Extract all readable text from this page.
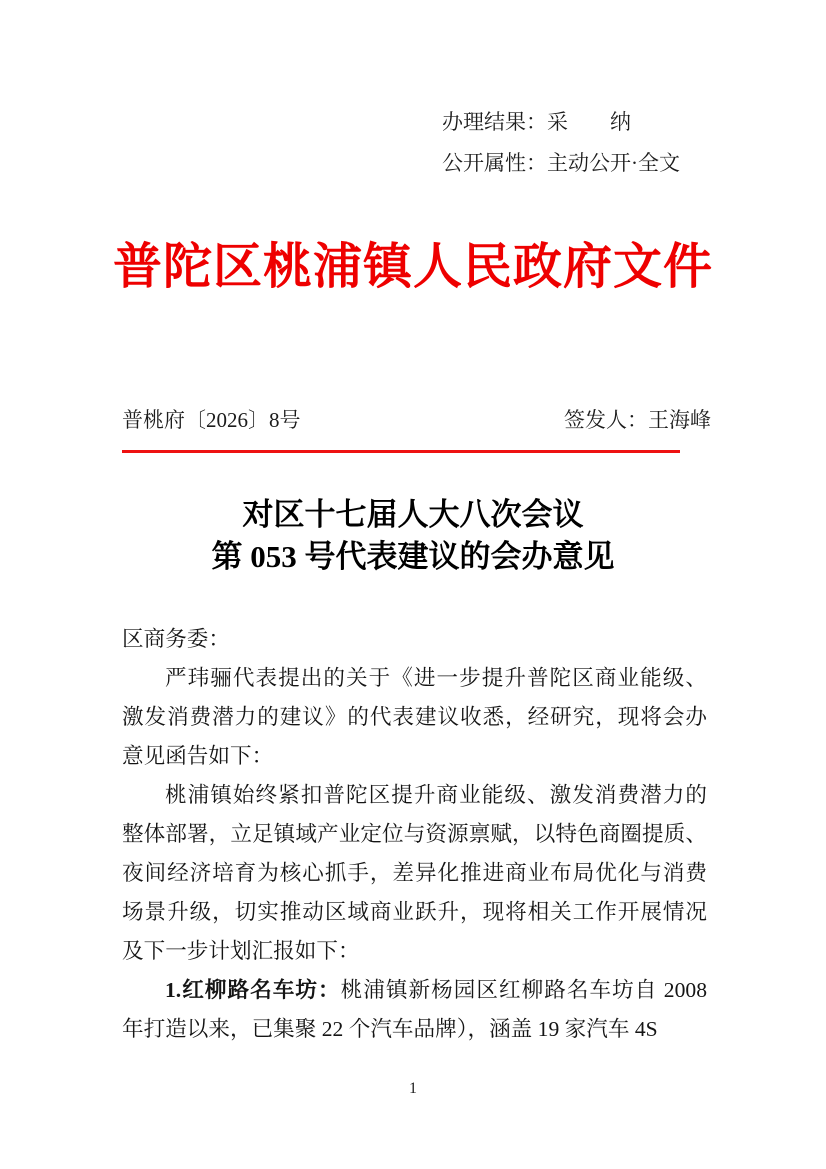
办理结果：采　　纳
公开属性：主动公开·全文
普陀区桃浦镇人民政府文件
普桃府〔2026〕8号	签发人：王海峰
对区十七届人大八次会议
第 053 号代表建议的会办意见
区商务委：
严玮骊代表提出的关于《进一步提升普陀区商业能级、
激发消费潜力的建议》的代表建议收悉，经研究，现将会办
意见函告如下：
桃浦镇始终紧扣普陀区提升商业能级、激发消费潜力的
整体部署，立足镇域产业定位与资源禀赋，以特色商圈提质、
夜间经济培育为核心抓手，差异化推进商业布局优化与消费
场景升级，切实推动区域商业跃升，现将相关工作开展情况
及下一步计划汇报如下：
1.红柳路名车坊：桃浦镇新杨园区红柳路名车坊自 2008
年打造以来，已集聚 22 个汽车品牌），涵盖 19 家汽车 4S
1
